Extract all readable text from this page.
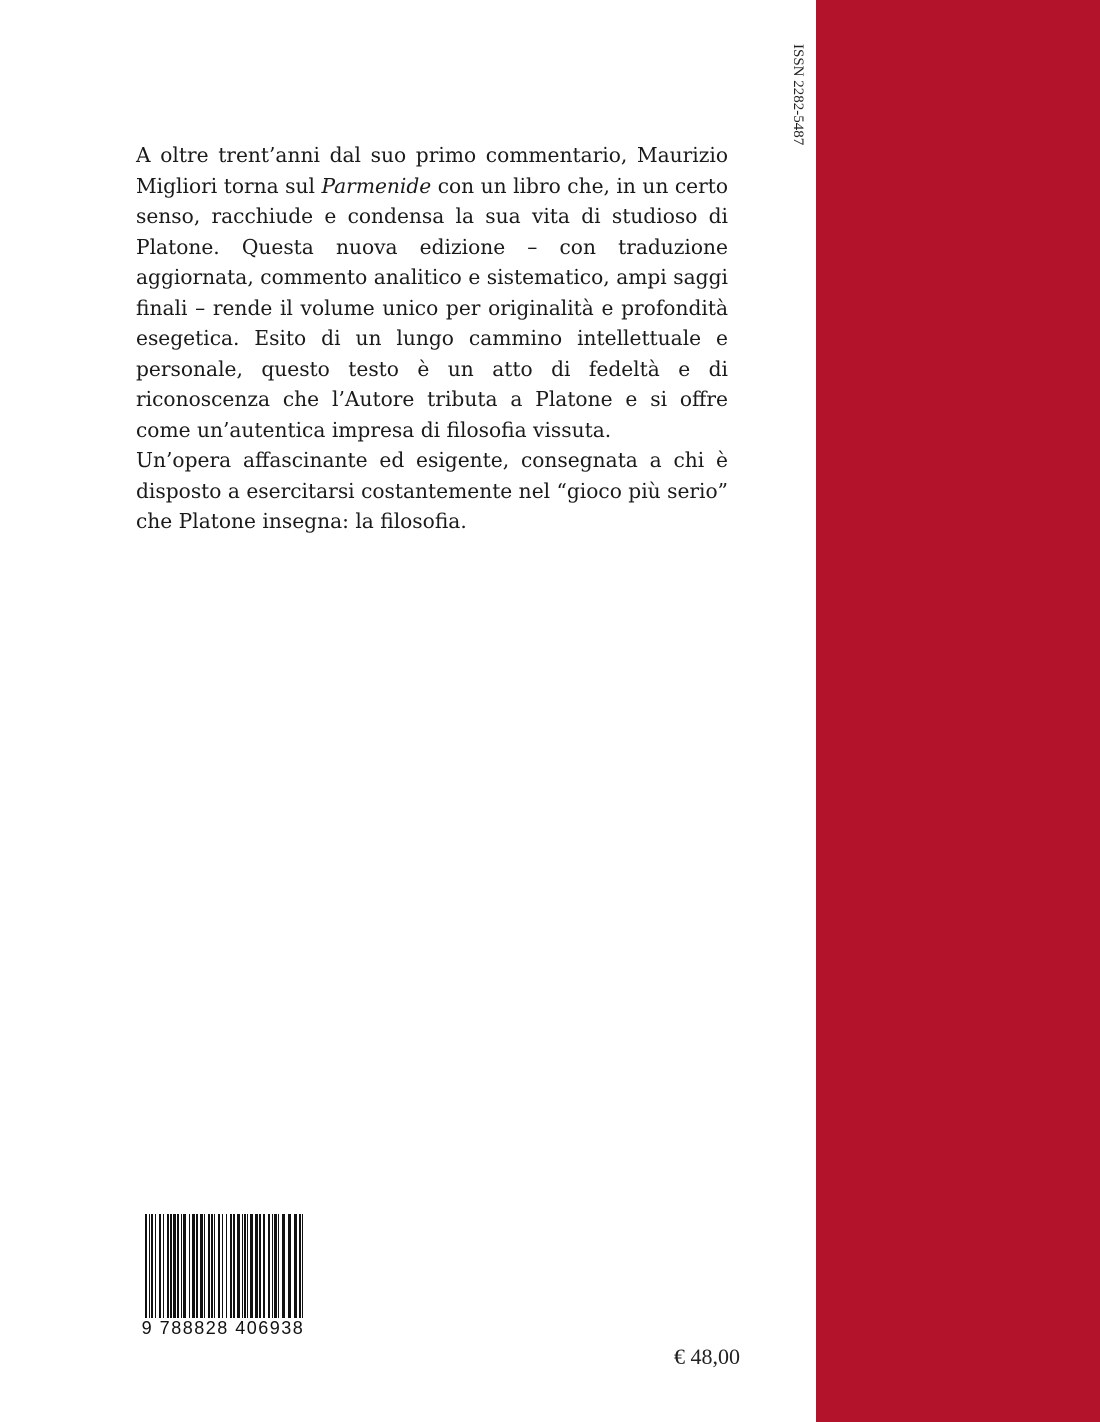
ISSN 2282-5487

A oltre trent’anni dal suo primo commentario, Maurizio Migliori torna sul Parmenide con un libro che, in un certo senso, racchiude e condensa la sua vita di studioso di Platone. Questa nuova edizione – con traduzione aggiornata, commento analitico e sistematico, ampi saggi finali – rende il volume unico per originalità e profondità esegetica. Esito di un lungo cammino intellettuale e personale, questo testo è un atto di fedeltà e di riconoscenza che l’Autore tributa a Platone e si offre come un’autentica impresa di filosofia vissuta.

Un’opera affascinante ed esigente, consegnata a chi è disposto a esercitarsi costantemente nel “gioco più serio” che Platone insegna: la filosofia.

9 788828 406938
€ 48,00
